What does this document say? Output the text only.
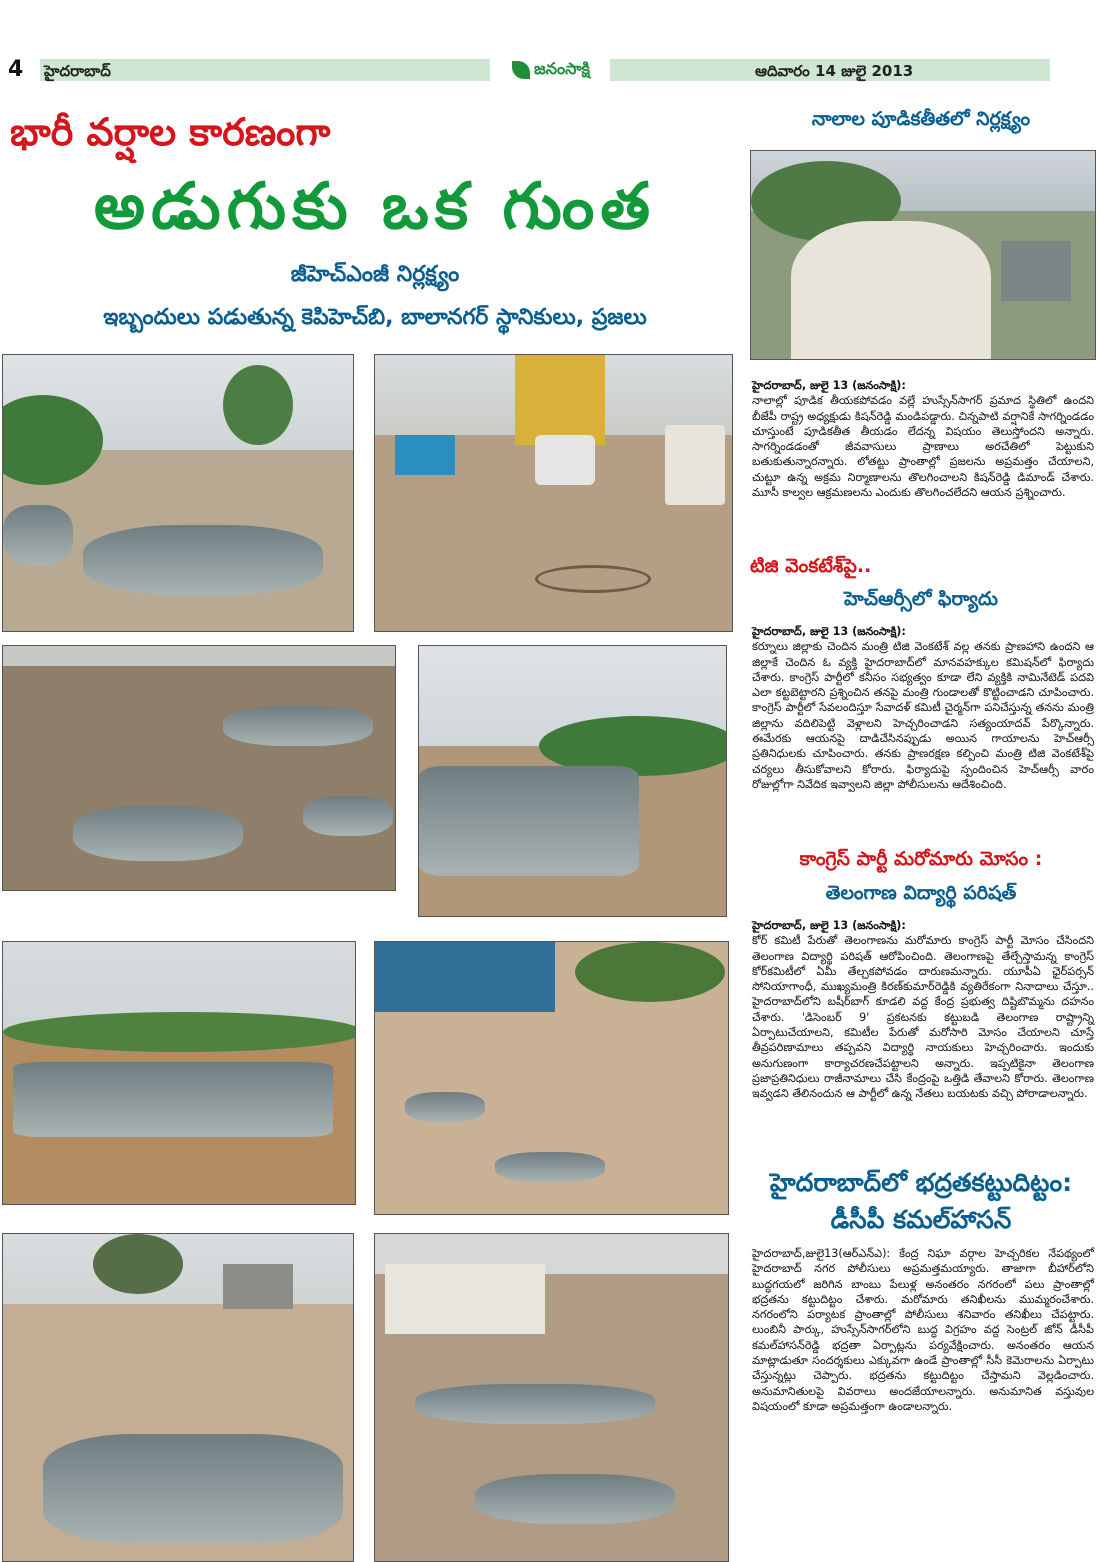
4 హైదరాబాద్	జనంసాక్షి	ఆదివారం 14 జులై 2013
భారీ వర్షాల కారణంగా
అడుగుకు ఒక గుంత
జీహెచ్‌ఎంజీ నిర్లక్ష్యం
ఇబ్బందులు పడుతున్న కెపిహెచ్‌బి, బాలానగర్ స్థానికులు, ప్రజలు
నాలాల పూడికతీతలో నిర్లక్ష్యం
హైదరాబాద్, జులై 13 (జనంసాక్షి):
నాలాల్లో పూడిక తీయకపోవడం వల్లే హుస్సేన్‌సాగర్ ప్రమాద స్థితిలో ఉందని బీజేపీ రాష్ట్ర అధ్యక్షుడు కిషన్‌రెడ్డి మండిపడ్డారు. చిన్నపాటి వర్షానికే సాగర్నిండడం చూస్తుంటే పూడికతీత తీయడం లేదన్న విషయం తెలుస్తోందని అన్నారు. సాగర్నిండడంతో జీవవాసులు ప్రాణాలు అరచేతిలో పెట్టుకుని బతుకుతున్నారన్నారు. లోతట్టు ప్రాంతాల్లో ప్రజలను అప్రమత్తం చేయాలని, చుట్టూ ఉన్న అక్రమ నిర్మాణాలను తొలగించాలని కిషన్‌రెడ్డి డిమాండ్ చేశారు. మూసీ కాల్వల ఆక్రమణలను ఎందుకు తొలగించలేదని ఆయన ప్రశ్నించారు.
టిజి వెంకటేశ్‌పై..
హెచ్‌ఆర్సీలో ఫిర్యాదు
హైదరాబాద్, జులై 13 (జనంసాక్షి):
కర్నూలు జిల్లాకు చెందిన మంత్రి టిజి వెంకటేశ్ వల్ల తనకు ప్రాణహాని ఉందని ఆ జిల్లాకే చెందిన ఓ వ్యక్తి హైదరాబాద్‌లో మానవహక్కుల కమిషన్‌లో ఫిర్యాదు చేశారు. కాంగ్రెస్ పార్టీలో కనీసం సభ్యత్వం కూడా లేని వ్యక్తికి నామినేటెడ్ పదవి ఎలా కట్టబెట్టారని ప్రశ్నించిన తనపై మంత్రి గుండాలతో కొట్టించాడని చూపించారు. కాంగ్రెస్ పార్టీలో సేవలందిస్తూ సేవాదళ్ కమిటీ చైర్మన్‌గా పనిచేస్తున్న తనను మంత్రి జిల్లాను వదిలిపెట్టి వెళ్లాలని హెచ్చరించాడని సత్యంయాదవ్ పేర్కొన్నారు. ఈమేరకు ఆయనపై దాడిచేసినప్పుడు అయిన గాయాలను హెచ్‌ఆర్సీ ప్రతినిధులకు చూపించారు. తనకు ప్రాణరక్షణ కల్పించి మంత్రి టిజి వెంకటేశ్‌పై చర్యలు తీసుకోవాలని కోరారు. ఫిర్యాదుపై స్పందించిన హెచ్‌ఆర్సీ వారం రోజుల్లోగా నివేదిక ఇవ్వాలని జిల్లా పోలీసులను ఆదేశించింది.
కాంగ్రెస్ పార్టీ మరోమారు మోసం :
తెలంగాణ విద్యార్థి పరిషత్
హైదరాబాద్, జులై 13 (జనంసాక్షి):
కోర్ కమిటీ పేరుతో తెలంగాణను మరోమారు కాంగ్రెస్ పార్టీ మోసం చేసిందని తెలంగాణ విద్యార్థి పరిషత్ ఆరోపించింది. తెలంగాణపై తేల్చేస్తామన్న కాంగ్రెస్ కోర్‌కమిటీలో ఏమీ తేల్చకపోవడం దారుణమన్నారు. యూపీఏ ఛైర్‌పర్సన్ సోనియాగాంధీ, ముఖ్యమంత్రి కిరణ్‌కుమార్‌రెడ్డికి వ్యతిరేకంగా నినాదాలు చేస్తూ.. హైదరాబాద్‌లోని బషీర్‌బాగ్ కూడలి వద్ద కేంద్ర ప్రభుత్వ దిష్టిబొమ్మను దహనం చేశారు. 'డిసెంబర్ 9' ప్రకటనకు కట్టుబడి తెలంగాణ రాష్ట్రాన్ని ఏర్పాటుచేయాలని, కమిటీల పేరుతో మరోసారి మోసం చేయాలని చూస్తే తీవ్రపరిణామాలు తప్పవని విద్యార్థి నాయకులు హెచ్చరించారు. ఇందుకు అనుగుణంగా కార్యాచరణచేపట్టాలని అన్నారు. ఇప్పటికైనా తెలంగాణ ప్రజాప్రతినిధులు రాజీనామాలు చేసి కేంద్రంపై ఒత్తిడి తేవాలని కోరారు. తెలంగాణ ఇవ్వడని తేలినందున ఆ పార్టీలో ఉన్న నేతలు బయటకు వచ్చి పోరాడాలన్నారు.
హైదరాబాద్‌లో భద్రతకట్టుదిట్టం:
డీసీపీ కమల్‌హాసన్
హైదరాబాద్,జులై13(ఆర్ఎన్ఎ): కేంద్ర నిఘా వర్గాల హెచ్చరికల నేపథ్యంలో హైదరాబాద్ నగర పోలీసులు అప్రమత్తమయ్యారు. తాజాగా బీహార్‌లోని బుద్ధగయలో జరిగిన బాంబు పేలుళ్ల అనంతరం నగరంలో పలు ప్రాంతాల్లో భద్రతను కట్టుదిట్టం చేశారు. మరోమారు తనిఖీలను ముమ్మరంచేశారు. నగరంలోని పర్యాటక ప్రాంతాల్లో పోలీసులు శనివారం తనిఖీలు చేపట్టారు. లుంబినీ పార్కు, హుస్సేన్‌సాగర్‌లోని బుద్ధ విగ్రహం వద్ద సెంట్రల్ జోన్ డీసీపీ కమల్‌హాసన్‌రెడ్డి భద్రతా ఏర్పాట్లను పర్యవేక్షించారు. అనంతరం ఆయన మాట్లాడుతూ సందర్శకులు ఎక్కువగా ఉండే ప్రాంతాల్లో సీసీ కెమెరాలను ఏర్పాటు చేస్తున్నట్లు చెప్పారు. భద్రతను కట్టుదిట్టం చేస్తామని వెల్లడించారు. అనుమానితులపై వివరాలు అందజేయాలన్నారు. అనుమానిత వస్తువుల విషయంలో కూడా అప్రమత్తంగా ఉండాలన్నారు.
